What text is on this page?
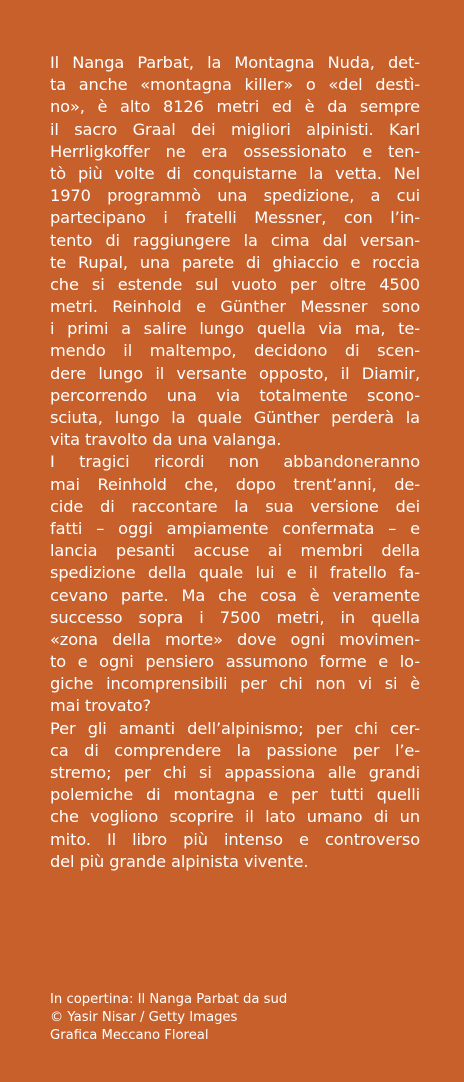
Il Nanga Parbat, la Montagna Nuda, det-
ta anche «montagna killer» o «del destì-
no», è alto 8126 metri ed è da sempre
il sacro Graal dei migliori alpinisti. Karl
Herrligkoffer ne era ossessionato e ten-
tò più volte di conquistarne la vetta. Nel
1970 programmò una spedizione, a cui
partecipano i fratelli Messner, con l’in-
tento di raggiungere la cima dal versan-
te Rupal, una parete di ghiaccio e roccia
che si estende sul vuoto per oltre 4500
metri. Reinhold e Günther Messner sono
i primi a salire lungo quella via ma, te-
mendo il maltempo, decidono di scen-
dere lungo il versante opposto, il Diamir,
percorrendo una via totalmente scono-
sciuta, lungo la quale Günther perderà la
vita travolto da una valanga.
I tragici ricordi non abbandoneranno
mai Reinhold che, dopo trent’anni, de-
cide di raccontare la sua versione dei
fatti – oggi ampiamente confermata – e
lancia pesanti accuse ai membri della
spedizione della quale lui e il fratello fa-
cevano parte. Ma che cosa è veramente
successo sopra i 7500 metri, in quella
«zona della morte» dove ogni movimen-
to e ogni pensiero assumono forme e lo-
giche incomprensibili per chi non vi si è
mai trovato?
Per gli amanti dell’alpinismo; per chi cer-
ca di comprendere la passione per l’e-
stremo; per chi si appassiona alle grandi
polemiche di montagna e per tutti quelli
che vogliono scoprire il lato umano di un
mito. Il libro più intenso e controverso
del più grande alpinista vivente.
In copertina: Il Nanga Parbat da sud
© Yasir Nisar / Getty Images
Grafica Meccano Floreal
